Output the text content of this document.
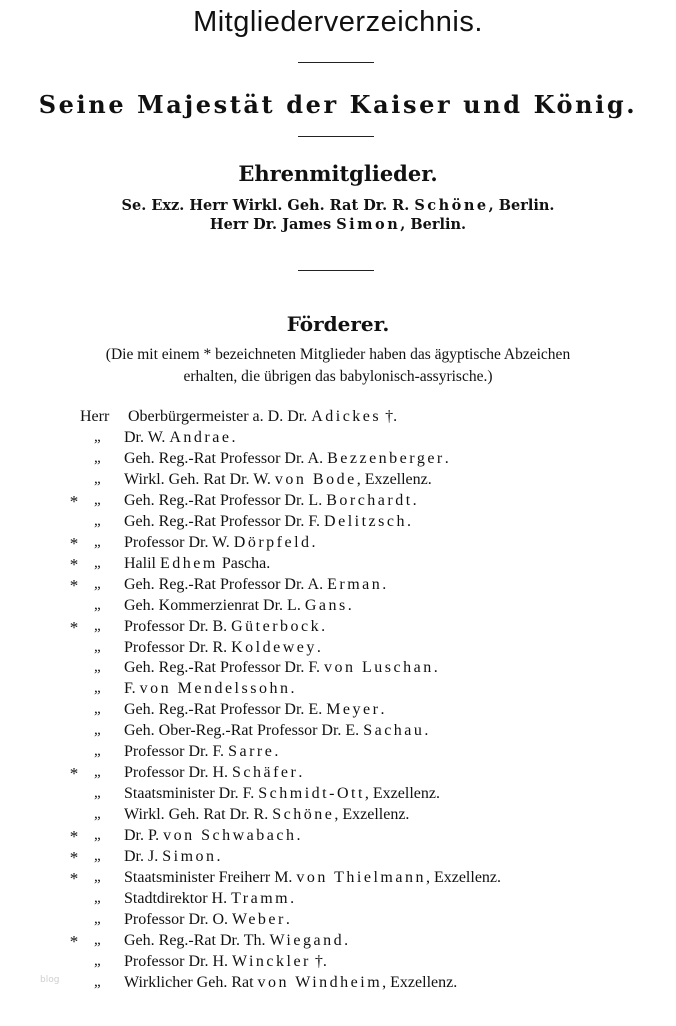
Mitgliederverzeichnis.
Seine Majestät der Kaiser und König.
Ehrenmitglieder.
Se. Exz. Herr Wirkl. Geh. Rat Dr. R. Schöne, Berlin.
Herr Dr. James Simon, Berlin.
Förderer.
(Die mit einem * bezeichneten Mitglieder haben das ägyptische Abzeichen
erhalten, die übrigen das babylonisch-assyrische.)
Herr Oberbürgermeister a. D. Dr. Adickes †.
„	Dr. W. Andrae.
„	Geh. Reg.-Rat Professor Dr. A. Bezzenberger.
„	Wirkl. Geh. Rat Dr. W. von Bode, Exzellenz.
* „	Geh. Reg.-Rat Professor Dr. L. Borchardt.
„	Geh. Reg.-Rat Professor Dr. F. Delitzsch.
* „	Professor Dr. W. Dörpfeld.
* „	Halil Edhem Pascha.
* „	Geh. Reg.-Rat Professor Dr. A. Erman.
„	Geh. Kommerzienrat Dr. L. Gans.
* „	Professor Dr. B. Güterbock.
„	Professor Dr. R. Koldewey.
„	Geh. Reg.-Rat Professor Dr. F. von Luschan.
„	F. von Mendelssohn.
„	Geh. Reg.-Rat Professor Dr. E. Meyer.
„	Geh. Ober-Reg.-Rat Professor Dr. E. Sachau.
„	Professor Dr. F. Sarre.
* „	Professor Dr. H. Schäfer.
„	Staatsminister Dr. F. Schmidt-Ott, Exzellenz.
„	Wirkl. Geh. Rat Dr. R. Schöne, Exzellenz.
* „	Dr. P. von Schwabach.
* „	Dr. J. Simon.
* „	Staatsminister Freiherr M. von Thielmann, Exzellenz.
„	Stadtdirektor H. Tramm.
„	Professor Dr. O. Weber.
* „	Geh. Reg.-Rat Dr. Th. Wiegand.
„	Professor Dr. H. Winckler †.
„	Wirklicher Geh. Rat von Windheim, Exzellenz.
blog
